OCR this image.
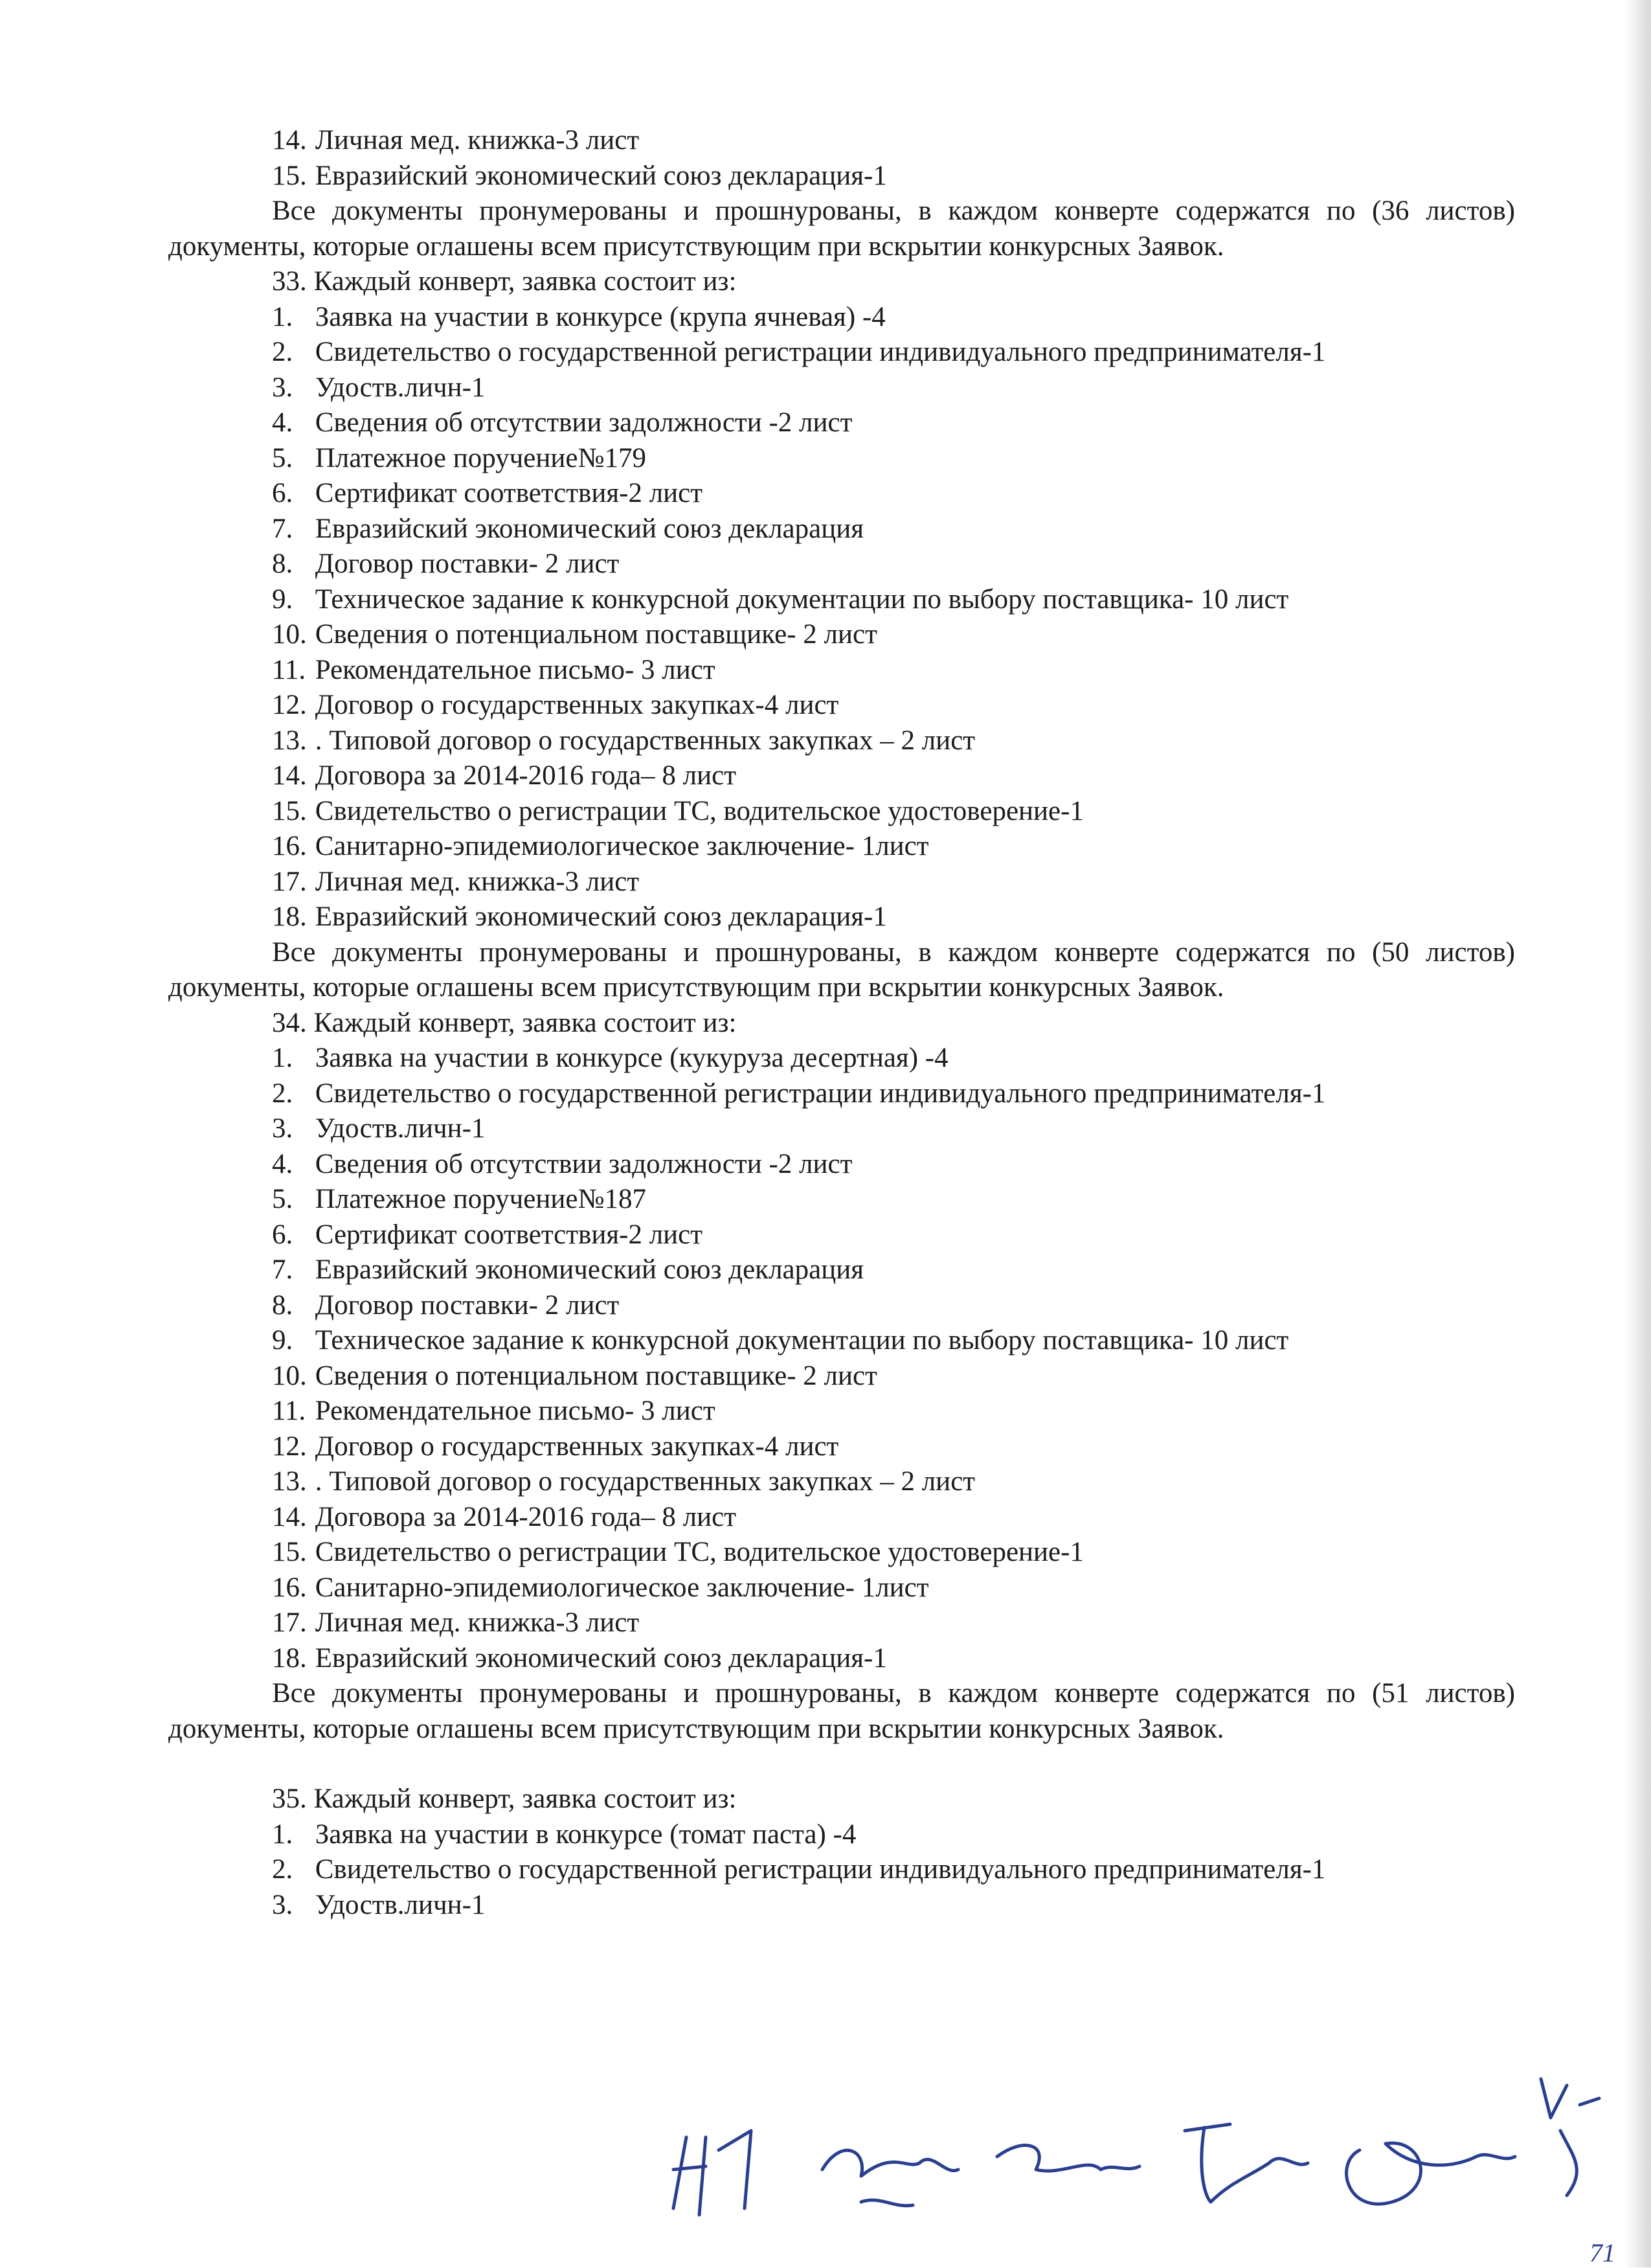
14. Личная мед. книжка-3 лист
15. Евразийский экономический союз декларация-1

Все документы пронумерованы и прошнурованы, в каждом конверте содержатся по (36 листов) документы, которые оглашены всем присутствующим при вскрытии конкурсных Заявок.

33. Каждый конверт, заявка состоит из:
1. Заявка на участии в конкурсе (крупа ячневая) -4
2. Свидетельство о государственной регистрации индивидуального предпринимателя-1
3. Удоств.личн-1
4. Сведения об отсутствии задолжности -2 лист
5. Платежное поручение№179
6. Сертификат соответствия-2 лист
7. Евразийский экономический союз декларация
8. Договор поставки- 2 лист
9. Техническое задание к конкурсной документации по выбору поставщика- 10 лист
10. Сведения о потенциальном поставщике- 2 лист
11. Рекомендательное письмо- 3 лист
12. Договор о государственных закупках-4 лист
13. . Типовой договор о государственных закупках – 2 лист
14. Договора за 2014-2016 года– 8 лист
15. Свидетельство о регистрации ТС, водительское удостоверение-1
16. Санитарно-эпидемиологическое заключение- 1лист
17. Личная мед. книжка-3 лист
18. Евразийский экономический союз декларация-1

Все документы пронумерованы и прошнурованы, в каждом конверте содержатся по (50 листов) документы, которые оглашены всем присутствующим при вскрытии конкурсных Заявок.

34. Каждый конверт, заявка состоит из:
1. Заявка на участии в конкурсе (кукуруза десертная) -4
2. Свидетельство о государственной регистрации индивидуального предпринимателя-1
3. Удоств.личн-1
4. Сведения об отсутствии задолжности -2 лист
5. Платежное поручение№187
6. Сертификат соответствия-2 лист
7. Евразийский экономический союз декларация
8. Договор поставки- 2 лист
9. Техническое задание к конкурсной документации по выбору поставщика- 10 лист
10. Сведения о потенциальном поставщике- 2 лист
11. Рекомендательное письмо- 3 лист
12. Договор о государственных закупках-4 лист
13. . Типовой договор о государственных закупках – 2 лист
14. Договора за 2014-2016 года– 8 лист
15. Свидетельство о регистрации ТС, водительское удостоверение-1
16. Санитарно-эпидемиологическое заключение- 1лист
17. Личная мед. книжка-3 лист
18. Евразийский экономический союз декларация-1

Все документы пронумерованы и прошнурованы, в каждом конверте содержатся по (51 листов) документы, которые оглашены всем присутствующим при вскрытии конкурсных Заявок.

35. Каждый конверт, заявка состоит из:
1. Заявка на участии в конкурсе (томат паста) -4
2. Свидетельство о государственной регистрации индивидуального предпринимателя-1
3. Удоств.личн-1
71
